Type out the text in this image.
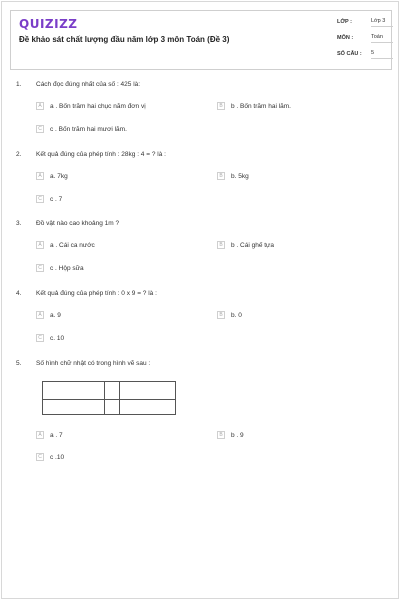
QUIZIZZ
Đề khảo sát chất lượng đầu năm lớp 3 môn Toán (Đề 3)
LỚP :	Lớp 3
MÔN :	Toán
SỐ CÂU : 5
1. Cách đọc đúng nhất của số : 425 là:
A	a . Bốn trăm hai chục năm đơn vị	B	b . Bốn trăm hai lăm.
C	c . Bốn trăm hai mươi lăm.
2. Kết quả đúng của phép tính : 28kg : 4 = ? là :
A	a. 7kg	B	b. 5kg
C	c . 7
3. Đồ vật nào cao khoảng 1m ?
A	a . Cái ca nước	B	b . Cái ghế tựa
C	c . Hộp sữa
4. Kết quả đúng của phép tính : 0 x 9 = ? là :
A	a. 9	B	b. 0
C	c. 10
5. Số hình chữ nhật có trong hình vẽ sau :
A	a . 7	B	b . 9
C	c .10
